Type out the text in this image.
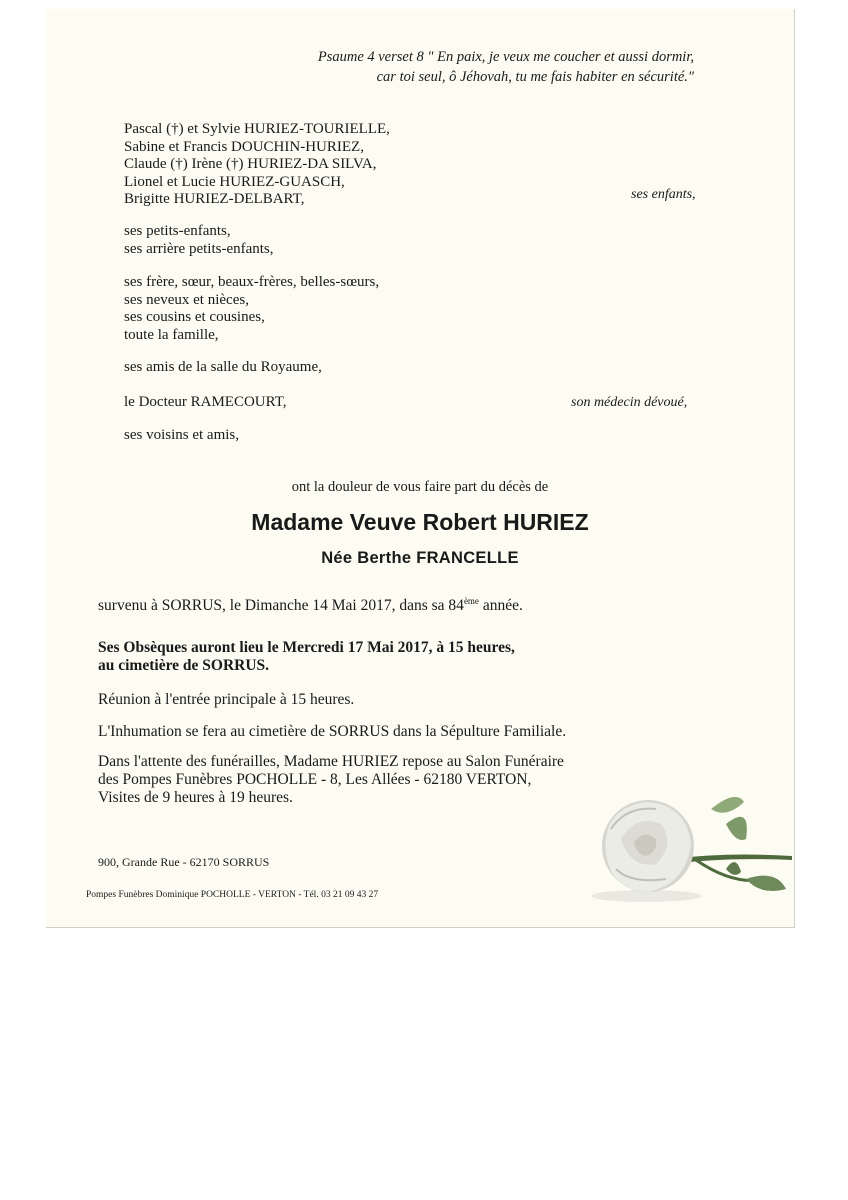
Psaume 4 verset 8 " En paix, je veux me coucher et aussi dormir,
car toi seul, ô Jéhovah, tu me fais habiter en sécurité."
Pascal (†) et Sylvie HURIEZ-TOURIELLE,
Sabine et Francis DOUCHIN-HURIEZ,
Claude (†) Irène (†) HURIEZ-DA SILVA,
Lionel et Lucie HURIEZ-GUASCH,
Brigitte HURIEZ-DELBART,	ses enfants,
ses petits-enfants,
ses arrière petits-enfants,
ses frère, sœur, beaux-frères, belles-sœurs,
ses neveux et nièces,
ses cousins et cousines,
toute la famille,
ses amis de la salle du Royaume,
le Docteur RAMECOURT,	son médecin dévoué,
ses voisins et amis,
ont la douleur de vous faire part du décès de
Madame Veuve Robert HURIEZ
Née Berthe FRANCELLE
survenu à SORRUS, le Dimanche 14 Mai 2017, dans sa 84ème année.
Ses Obsèques auront lieu le Mercredi 17 Mai 2017, à 15 heures,
au cimetière de SORRUS.
Réunion à l'entrée principale à 15 heures.
L'Inhumation se fera au cimetière de SORRUS dans la Sépulture Familiale.
Dans l'attente des funérailles, Madame HURIEZ repose au Salon Funéraire
des Pompes Funèbres POCHOLLE - 8, Les Allées - 62180 VERTON,
Visites de 9 heures à 19 heures.
900, Grande Rue - 62170 SORRUS
Pompes Funèbres Dominique POCHOLLE - VERTON - Tél. 03 21 09 43 27
